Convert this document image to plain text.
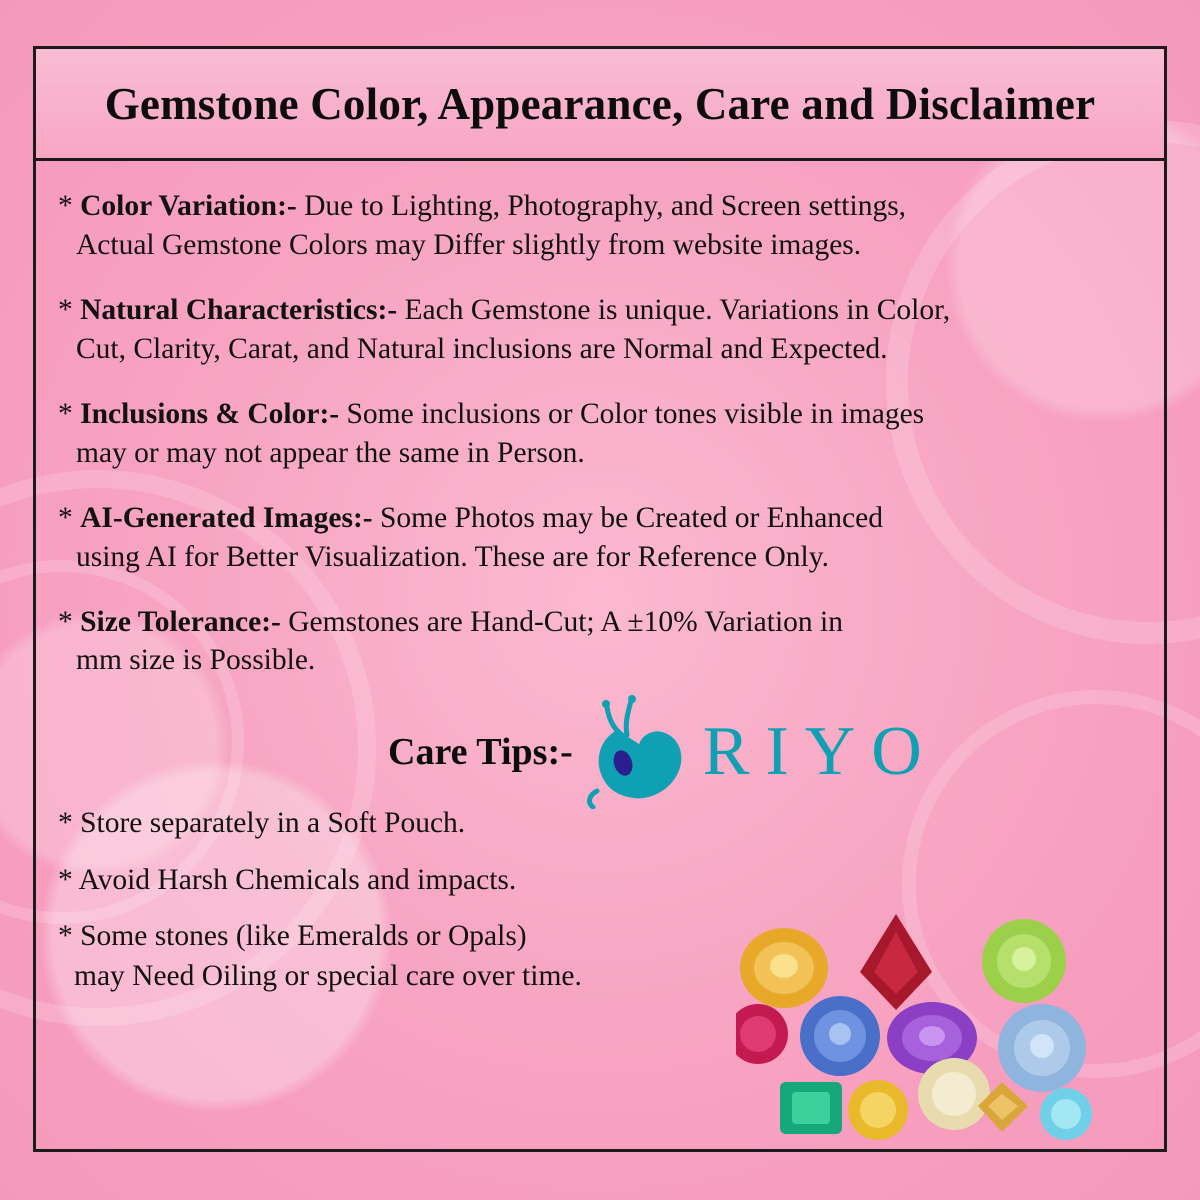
Gemstone Color, Appearance, Care and Disclaimer
* Color Variation:- Due to Lighting, Photography, and Screen settings,
Actual Gemstone Colors may Differ slightly from website images.
* Natural Characteristics:- Each Gemstone is unique. Variations in Color,
Cut, Clarity, Carat, and Natural inclusions are Normal and Expected.
* Inclusions & Color:- Some inclusions or Color tones visible in images
may or may not appear the same in Person.
* AI-Generated Images:- Some Photos may be Created or Enhanced
using AI for Better Visualization. These are for Reference Only.
* Size Tolerance:- Gemstones are Hand-Cut; A ±10% Variation in
mm size is Possible.
Care Tips:- RIYO
* Store separately in a Soft Pouch.
* Avoid Harsh Chemicals and impacts.
* Some stones (like Emeralds or Opals)
may Need Oiling or special care over time.
